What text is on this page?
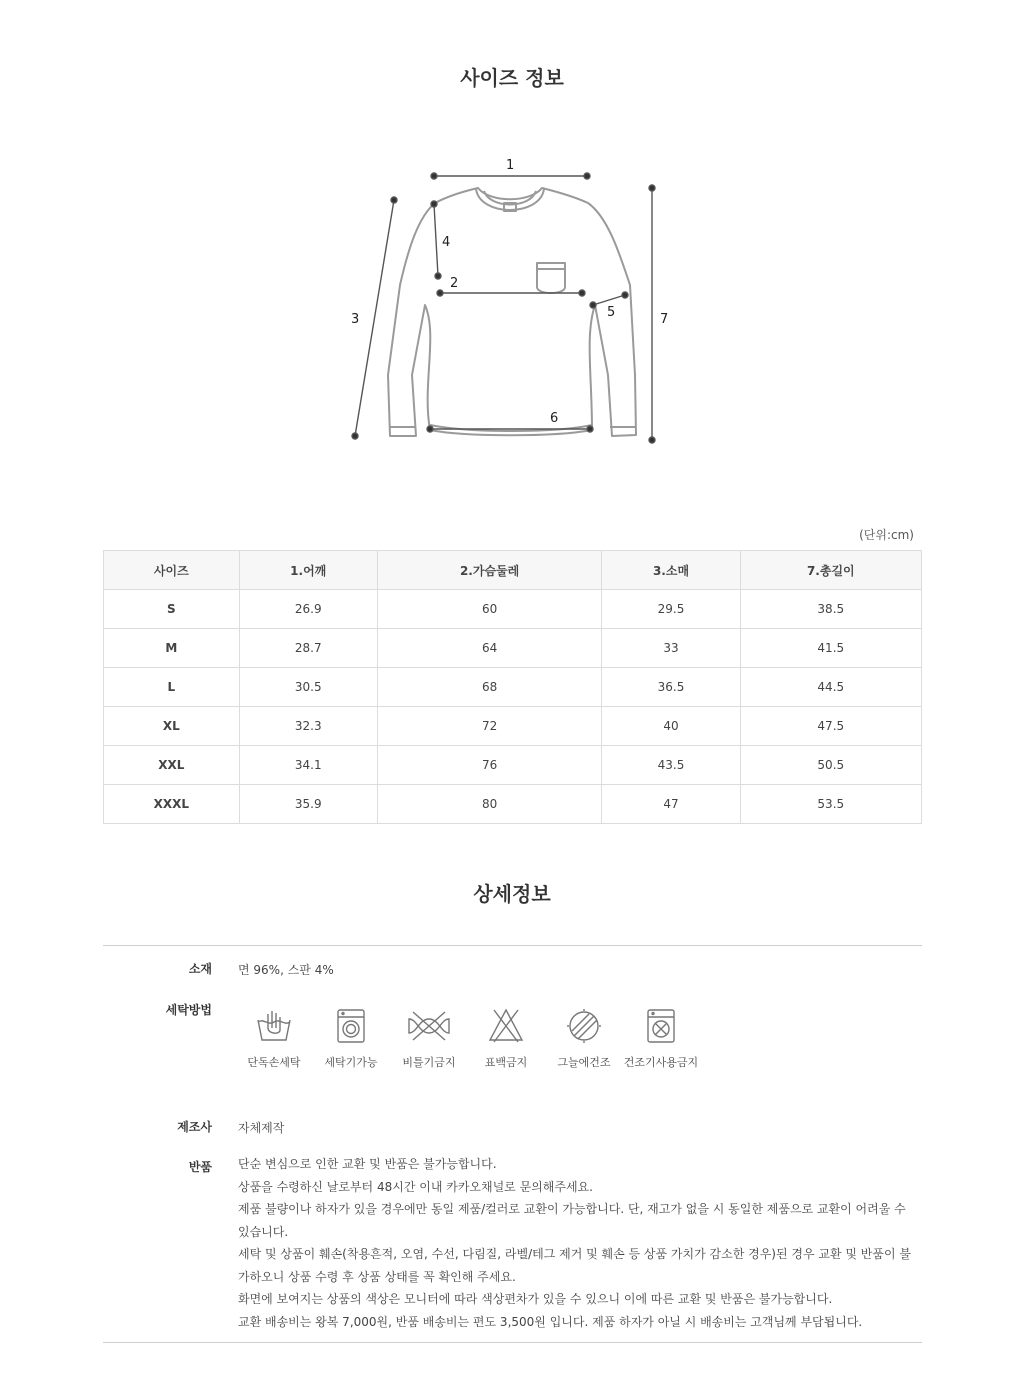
사이즈 정보
1
2
3
4
5
6
7
(단위:cm)
사이즈	1.어깨	2.가슴둘레	3.소매	7.총길이
S	26.9	60	29.5	38.5
M	28.7	64	33	41.5
L	30.5	68	36.5	44.5
XL	32.3	72	40	47.5
XXL	34.1	76	43.5	50.5
XXXL	35.9	80	47	53.5
상세정보
소재 면 96%, 스판 4%
세탁방법
단독손세탁	세탁기가능	비틀기금지	표백금지	그늘에건조	건조기사용금지
제조사 자체제작
반품 단순 변심으로 인한 교환 및 반품은 불가능합니다.

상품을 수령하신 날로부터 48시간 이내 카카오채널로 문의해주세요.

제품 불량이나 하자가 있을 경우에만 동일 제품/컬러로 교환이 가능합니다. 단, 재고가 없을 시 동일한 제품으로 교환이 어려울 수 있습니다.

세탁 및 상품이 훼손(착용흔적, 오염, 수선, 다림질, 라벨/테그 제거 및 훼손 등 상품 가치가 감소한 경우)된 경우 교환 및 반품이 불가하오니 상품 수령 후 상품 상태를 꼭 확인해 주세요.

화면에 보여지는 상품의 색상은 모니터에 따라 색상편차가 있을 수 있으니 이에 따른 교환 및 반품은 불가능합니다.

교환 배송비는 왕복 7,000원, 반품 배송비는 편도 3,500원 입니다. 제품 하자가 아닐 시 배송비는 고객님께 부담됩니다.
